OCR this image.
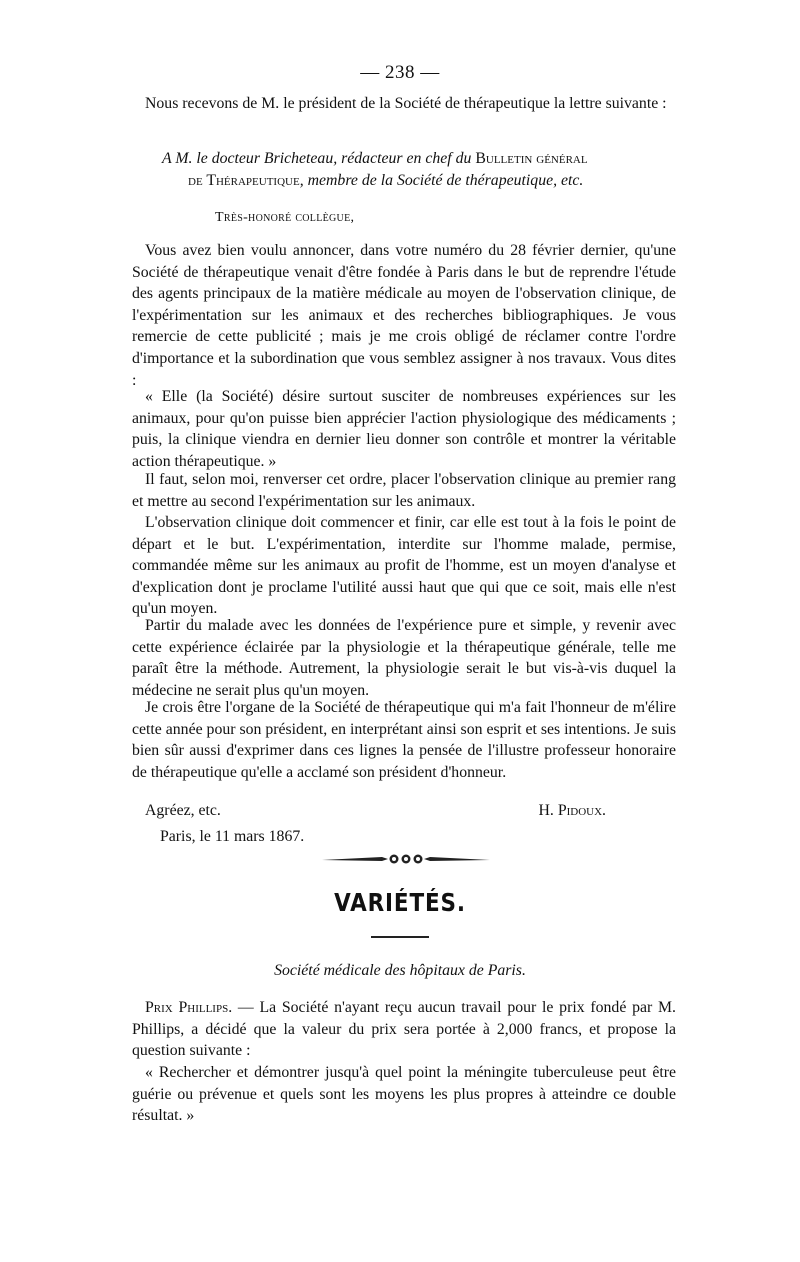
— 238 —

Nous recevons de M. le président de la Société de thérapeutique la lettre suivante :

A M. le docteur Bricheteau, rédacteur en chef du Bulletin général
de Thérapeutique, membre de la Société de thérapeutique, etc.

Très-honoré collègue,

Vous avez bien voulu annoncer, dans votre numéro du 28 février dernier, qu'une Société de thérapeutique venait d'être fondée à Paris dans le but de reprendre l'étude des agents principaux de la matière médicale au moyen de l'observation clinique, de l'expérimentation sur les animaux et des recherches bibliographiques. Je vous remercie de cette publicité ; mais je me crois obligé de réclamer contre l'ordre d'importance et la subordination que vous semblez assigner à nos travaux. Vous dites :

« Elle (la Société) désire surtout susciter de nombreuses expériences sur les animaux, pour qu'on puisse bien apprécier l'action physiologique des médicaments ; puis, la clinique viendra en dernier lieu donner son contrôle et montrer la véritable action thérapeutique. »

Il faut, selon moi, renverser cet ordre, placer l'observation clinique au premier rang et mettre au second l'expérimentation sur les animaux.

L'observation clinique doit commencer et finir, car elle est tout à la fois le point de départ et le but. L'expérimentation, interdite sur l'homme malade, permise, commandée même sur les animaux au profit de l'homme, est un moyen d'analyse et d'explication dont je proclame l'utilité aussi haut que qui que ce soit, mais elle n'est qu'un moyen.

Partir du malade avec les données de l'expérience pure et simple, y revenir avec cette expérience éclairée par la physiologie et la thérapeutique générale, telle me paraît être la méthode. Autrement, la physiologie serait le but vis-à-vis duquel la médecine ne serait plus qu'un moyen.

Je crois être l'organe de la Société de thérapeutique qui m'a fait l'honneur de m'élire cette année pour son président, en interprétant ainsi son esprit et ses intentions. Je suis bien sûr aussi d'exprimer dans ces lignes la pensée de l'illustre professeur honoraire de thérapeutique qu'elle a acclamé son président d'honneur.

Agréez, etc.	H. Pidoux.

Paris, le 11 mars 1867.

VARIÉTÉS.

Société médicale des hôpitaux de Paris.

Prix Phillips. — La Société n'ayant reçu aucun travail pour le prix fondé par M. Phillips, a décidé que la valeur du prix sera portée à 2,000 francs, et propose la question suivante :

« Rechercher et démontrer jusqu'à quel point la méningite tuberculeuse peut être guérie ou prévenue et quels sont les moyens les plus propres à atteindre ce double résultat. »
